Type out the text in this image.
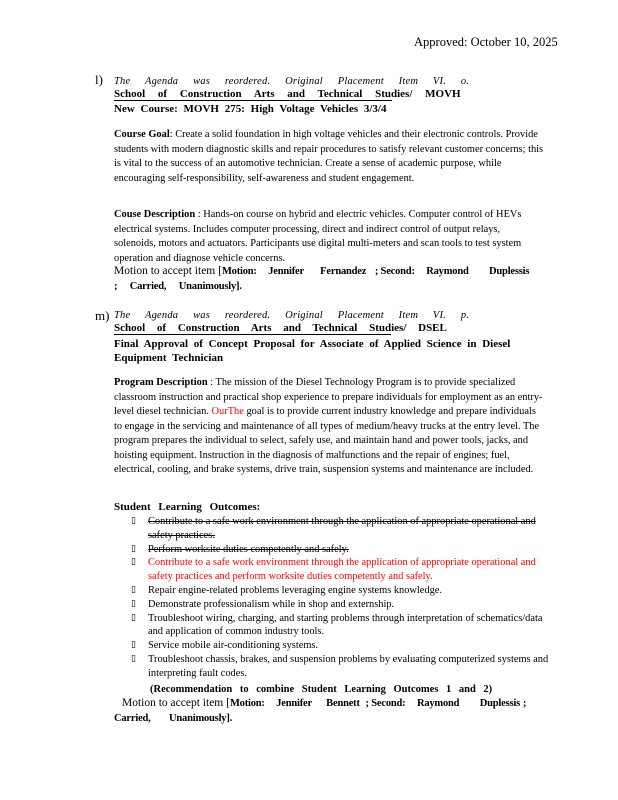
Approved: October 10, 2025
l) The Agenda was reordered. Original Placement Item VI. o.
School of Construction Arts and Technical Studies/ MOVH
New Course: MOVH 275: High Voltage Vehicles 3/3/4
Course Goal: Create a solid foundation in high voltage vehicles and their electronic controls. Provide students with modern diagnostic skills and repair procedures to satisfy relevant customer concerns; this is vital to the success of an automotive technician. Create a sense of academic purpose, while encouraging self-responsibility, self-awareness and student engagement.
Couse Description : Hands-on course on hybrid and electric vehicles. Computer control of HEVs electrical systems. Includes computer processing, direct and indirect control of output relays, solenoids, motors and actuators. Participants use digital multi-meters and scan tools to test system operation and diagnose vehicle concerns.
Motion to accept item [Motion: Jennifer Fernandez ; Second: Raymond Duplessis ; Carried, Unanimously].
m) The Agenda was reordered. Original Placement Item VI. p.
School of Construction Arts and Technical Studies/ DSEL
Final Approval of Concept Proposal for Associate of Applied Science in Diesel Equipment Technician
Program Description : The mission of the Diesel Technology Program is to provide specialized classroom instruction and practical shop experience to prepare individuals for employment as an entry-level diesel technician. OurThe goal is to provide current industry knowledge and prepare individuals to engage in the servicing and maintenance of all types of medium/heavy trucks at the entry level. The program prepares the individual to select, safely use, and maintain hand and power tools, jacks, and hoisting equipment. Instruction in the diagnosis of malfunctions and the repair of engines; fuel, electrical, cooling, and brake systems, drive train, suspension systems and maintenance are included.
Student Learning Outcomes:
▯ Contribute to a safe work environment through the application of appropriate operational and safety practices.
▯ Perform worksite duties competently and safely.
▯ Contribute to a safe work environment through the application of appropriate operational and safety practices and perform worksite duties competently and safely.
▯ Repair engine-related problems leveraging engine systems knowledge.
▯ Demonstrate professionalism while in shop and externship.
▯ Troubleshoot wiring, charging, and starting problems through interpretation of schematics/data and application of common industry tools.
▯ Service mobile air-conditioning systems.
▯ Troubleshoot chassis, brakes, and suspension problems by evaluating computerized systems and interpreting fault codes.
(Recommendation to combine Student Learning Outcomes 1 and 2)
Motion to accept item [Motion: Jennifer Bennett ; Second: Raymond Duplessis ; Carried, Unanimously].
